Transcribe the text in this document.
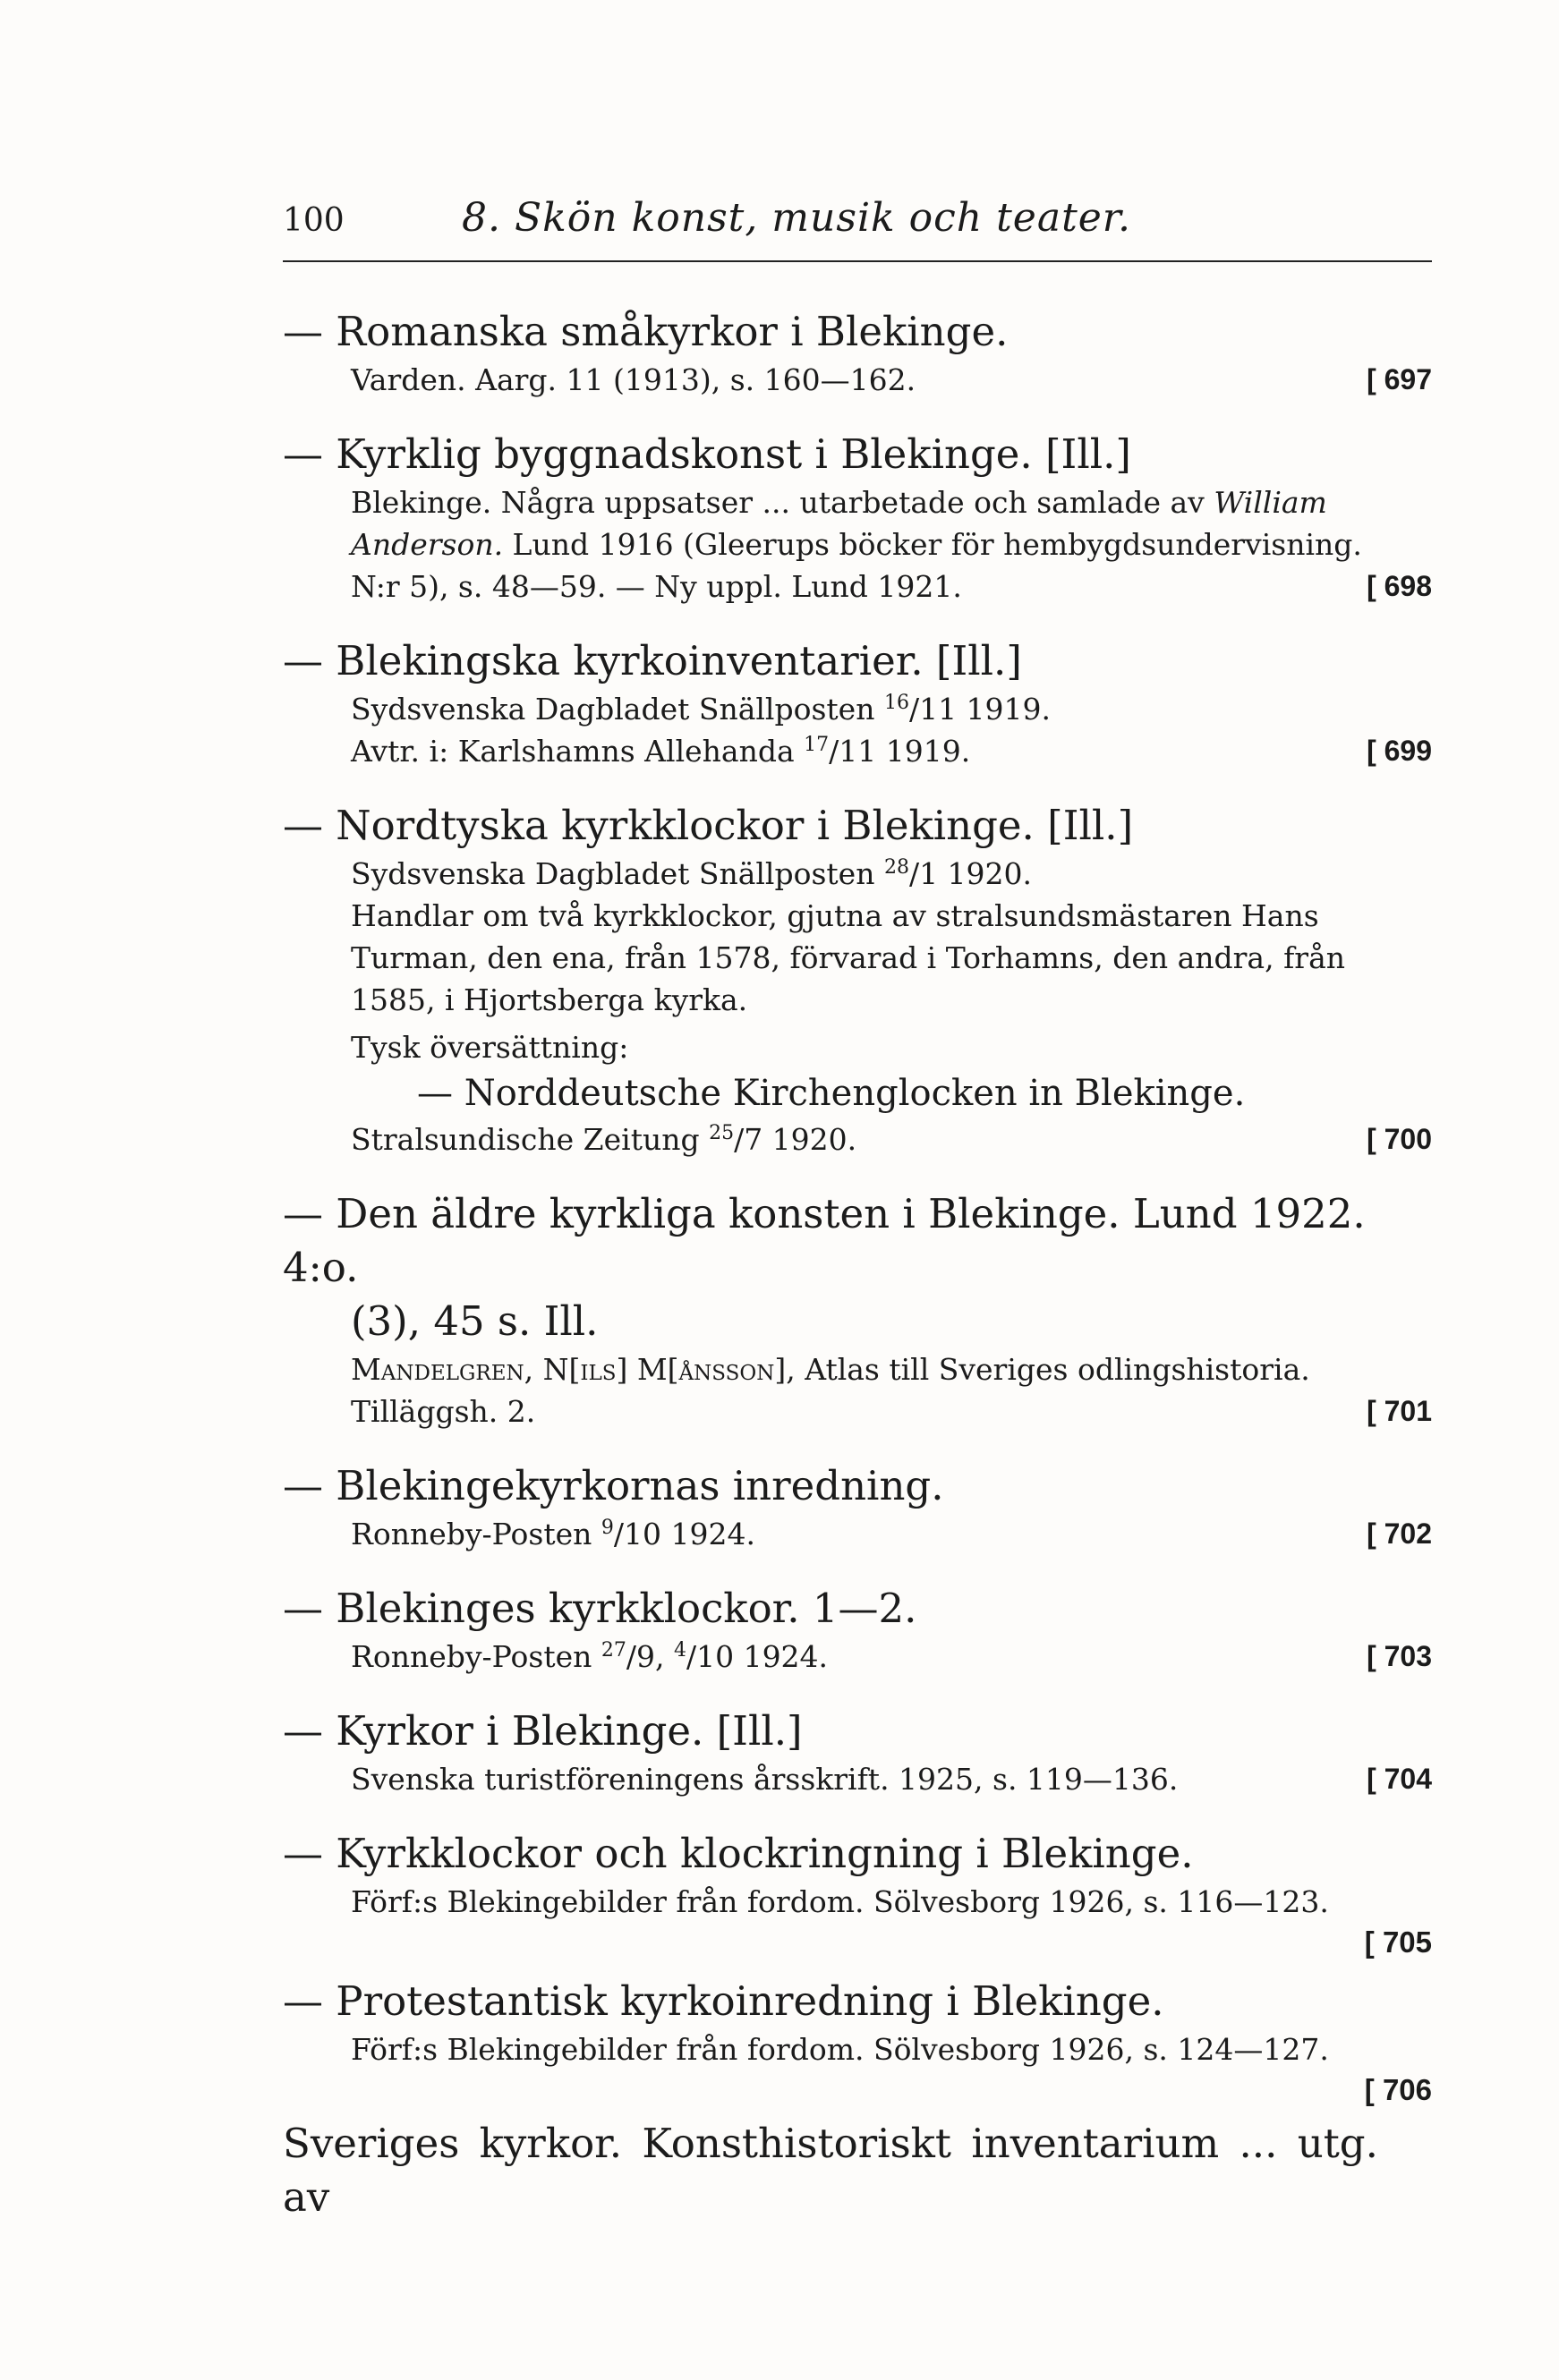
100	8. Skön konst, musik och teater.
— Romanska småkyrkor i Blekinge.
Varden. Aarg. 11 (1913), s. 160—162.	[ 697
— Kyrklig byggnadskonst i Blekinge. [Ill.]
Blekinge. Några uppsatser ... utarbetade och samlade av William
Anderson. Lund 1916 (Gleerups böcker för hembygdsundervisning.
N:r 5), s. 48—59. — Ny uppl. Lund 1921.	[ 698
— Blekingska kyrkoinventarier. [Ill.]
Sydsvenska Dagbladet Snällposten $^{16}$/11 1919.
Avtr. i: Karlshamns Allehanda $^{17}$/11 1919.	[ 699
— Nordtyska kyrkklockor i Blekinge. [Ill.]
Sydsvenska Dagbladet Snällposten $^{28}$/1 1920.
Handlar om två kyrkklockor, gjutna av stralsundsmästaren Hans
Turman, den ena, från 1578, förvarad i Torhamns, den andra, från
1585, i Hjortsberga kyrka.
Tysk översättning:
— Norddeutsche Kirchenglocken in Blekinge.
Stralsundische Zeitung $^{25}$/7 1920.	[ 700
— Den äldre kyrkliga konsten i Blekinge. Lund 1922. 4:o.
(3), 45 s. Ill.
Mandelgren, N[ils] M[ånsson], Atlas till Sveriges odlingshistoria.
Tilläggsh. 2.	[ 701
— Blekingekyrkornas inredning.
Ronneby-Posten $^9$/10 1924.	[ 702
— Blekinges kyrkklockor. 1—2.
Ronneby-Posten $^{27}$/9, $^4$/10 1924.	[ 703
— Kyrkor i Blekinge. [Ill.]
Svenska turistföreningens årsskrift. 1925, s. 119—136.	[ 704
— Kyrkklockor och klockringning i Blekinge.
Förf:s Blekingebilder från fordom. Sölvesborg 1926, s. 116—123.
[ 705
— Protestantisk kyrkoinredning i Blekinge.
Förf:s Blekingebilder från fordom. Sölvesborg 1926, s. 124—127.
[ 706
Sveriges kyrkor. Konsthistoriskt inventarium ... utg. av
